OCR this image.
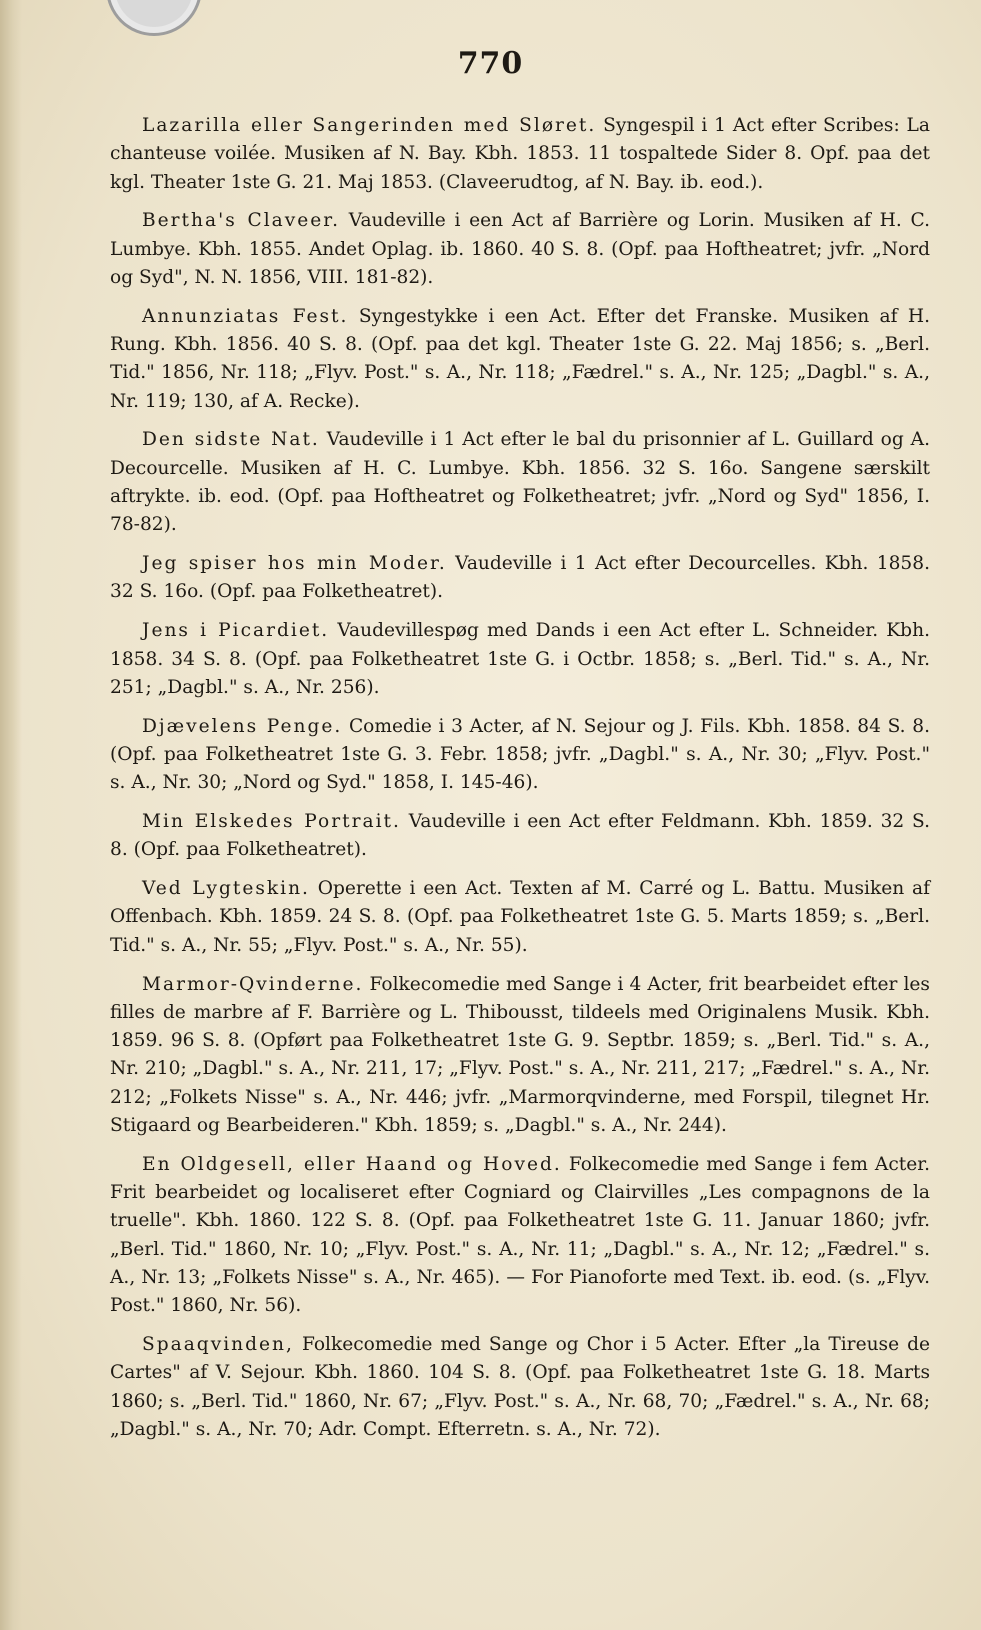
770

Lazarilla eller Sangerinden med Sløret. Syngespil i 1 Act efter Scribes: La chanteuse voilée. Musiken af N. Bay. Kbh. 1853. 11 tospaltede Sider 8. Opf. paa det kgl. Theater 1ste G. 21. Maj 1853. (Claveerudtog, af N. Bay. ib. eod.).

Bertha's Claveer. Vaudeville i een Act af Barrière og Lorin. Musiken af H. C. Lumbye. Kbh. 1855. Andet Oplag. ib. 1860. 40 S. 8. (Opf. paa Hoftheatret; jvfr. „Nord og Syd", N. N. 1856, VIII. 181-82).

Annunziatas Fest. Syngestykke i een Act. Efter det Franske. Musiken af H. Rung. Kbh. 1856. 40 S. 8. (Opf. paa det kgl. Theater 1ste G. 22. Maj 1856; s. „Berl. Tid." 1856, Nr. 118; „Flyv. Post." s. A., Nr. 118; „Fædrel." s. A., Nr. 125; „Dagbl." s. A., Nr. 119; 130, af A. Recke).

Den sidste Nat. Vaudeville i 1 Act efter le bal du prisonnier af L. Guillard og A. Decourcelle. Musiken af H. C. Lumbye. Kbh. 1856. 32 S. 16o. Sangene særskilt aftrykte. ib. eod. (Opf. paa Hoftheatret og Folketheatret; jvfr. „Nord og Syd" 1856, I. 78-82).

Jeg spiser hos min Moder. Vaudeville i 1 Act efter Decourcelles. Kbh. 1858. 32 S. 16o. (Opf. paa Folketheatret).

Jens i Picardiet. Vaudevillespøg med Dands i een Act efter L. Schneider. Kbh. 1858. 34 S. 8. (Opf. paa Folketheatret 1ste G. i Octbr. 1858; s. „Berl. Tid." s. A., Nr. 251; „Dagbl." s. A., Nr. 256).

Djævelens Penge. Comedie i 3 Acter, af N. Sejour og J. Fils. Kbh. 1858. 84 S. 8. (Opf. paa Folketheatret 1ste G. 3. Febr. 1858; jvfr. „Dagbl." s. A., Nr. 30; „Flyv. Post." s. A., Nr. 30; „Nord og Syd." 1858, I. 145-46).

Min Elskedes Portrait. Vaudeville i een Act efter Feldmann. Kbh. 1859. 32 S. 8. (Opf. paa Folketheatret).

Ved Lygteskin. Operette i een Act. Texten af M. Carré og L. Battu. Musiken af Offenbach. Kbh. 1859. 24 S. 8. (Opf. paa Folketheatret 1ste G. 5. Marts 1859; s. „Berl. Tid." s. A., Nr. 55; „Flyv. Post." s. A., Nr. 55).

Marmor-Qvinderne. Folkecomedie med Sange i 4 Acter, frit bearbeidet efter les filles de marbre af F. Barrière og L. Thibousst, tildeels med Originalens Musik. Kbh. 1859. 96 S. 8. (Opført paa Folketheatret 1ste G. 9. Septbr. 1859; s. „Berl. Tid." s. A., Nr. 210; „Dagbl." s. A., Nr. 211, 17; „Flyv. Post." s. A., Nr. 211, 217; „Fædrel." s. A., Nr. 212; „Folkets Nisse" s. A., Nr. 446; jvfr. „Marmorqvinderne, med Forspil, tilegnet Hr. Stigaard og Bearbeideren." Kbh. 1859; s. „Dagbl." s. A., Nr. 244).

En Oldgesell, eller Haand og Hoved. Folkecomedie med Sange i fem Acter. Frit bearbeidet og localiseret efter Cogniard og Clairvilles „Les compagnons de la truelle". Kbh. 1860. 122 S. 8. (Opf. paa Folketheatret 1ste G. 11. Januar 1860; jvfr. „Berl. Tid." 1860, Nr. 10; „Flyv. Post." s. A., Nr. 11; „Dagbl." s. A., Nr. 12; „Fædrel." s. A., Nr. 13; „Folkets Nisse" s. A., Nr. 465). — For Pianoforte med Text. ib. eod. (s. „Flyv. Post." 1860, Nr. 56).

Spaaqvinden, Folkecomedie med Sange og Chor i 5 Acter. Efter „la Tireuse de Cartes" af V. Sejour. Kbh. 1860. 104 S. 8. (Opf. paa Folketheatret 1ste G. 18. Marts 1860; s. „Berl. Tid." 1860, Nr. 67; „Flyv. Post." s. A., Nr. 68, 70; „Fædrel." s. A., Nr. 68; „Dagbl." s. A., Nr. 70; Adr. Compt. Efterretn. s. A., Nr. 72).
